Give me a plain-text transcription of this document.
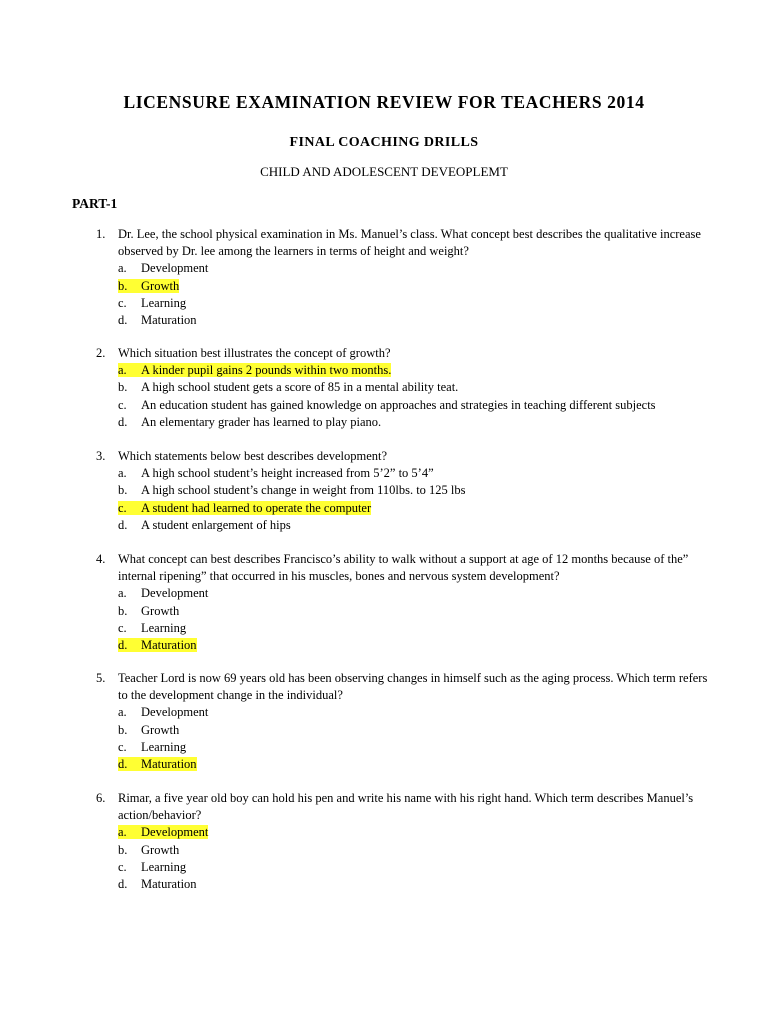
LICENSURE EXAMINATION REVIEW FOR TEACHERS 2014
FINAL COACHING DRILLS
CHILD AND ADOLESCENT DEVEOPLEMT
PART-1
1. Dr. Lee, the school physical examination in Ms. Manuel’s class. What concept best describes the qualitative increase observed by Dr. lee among the learners in terms of height and weight?
a. Development
b. Growth
c. Learning
d. Maturation
2. Which situation best illustrates the concept of growth?
a. A kinder pupil gains 2 pounds within two months.
b. A high school student gets a score of 85 in a mental ability teat.
c. An education student has gained knowledge on approaches and strategies in teaching different subjects
d. An elementary grader has learned to play piano.
3. Which statements below best describes development?
a. A high school student’s height increased from 5’2” to 5’4”
b. A high school student’s change in weight from 110lbs. to 125 lbs
c. A student had learned to operate the computer
d. A student enlargement of hips
4. What concept can best describes Francisco’s ability to walk without a support at age of 12 months because of the” internal ripening” that occurred in his muscles, bones and nervous system development?
a. Development
b. Growth
c. Learning
d. Maturation
5. Teacher Lord is now 69 years old has been observing changes in himself such as the aging process. Which term refers to the development change in the individual?
a. Development
b. Growth
c. Learning
d. Maturation
6. Rimar, a five year old boy can hold his pen and write his name with his right hand. Which term describes Manuel’s action/behavior?
a. Development
b. Growth
c. Learning
d. Maturation
